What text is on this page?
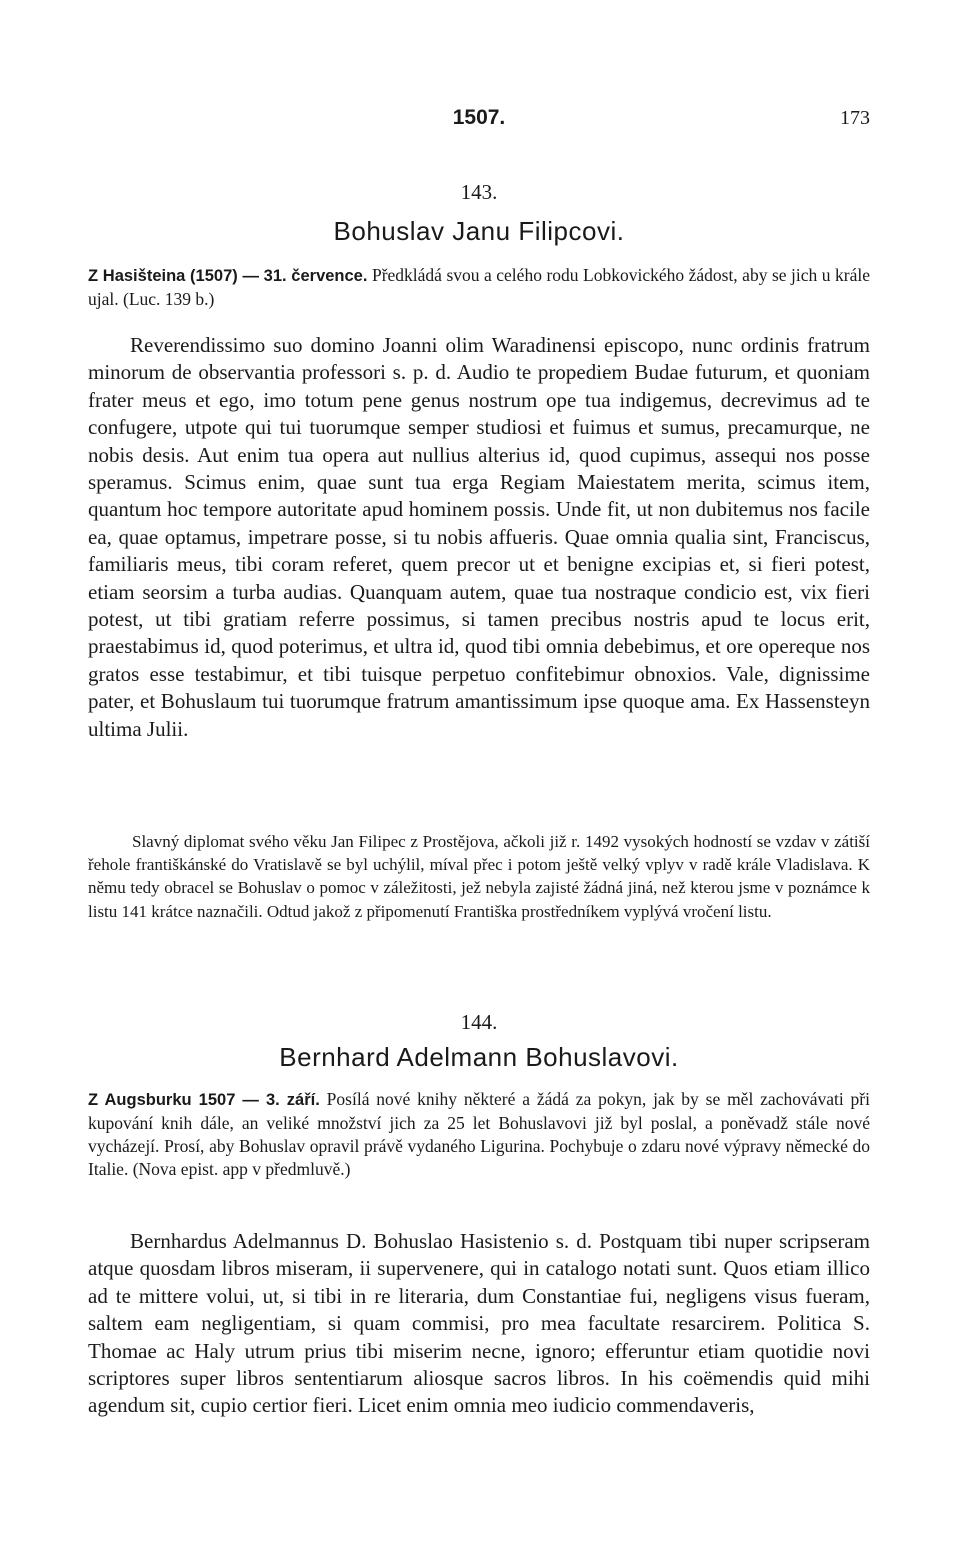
1507.	173
143.
Bohuslav Janu Filipcovi.
Z Hasišteina (1507) — 31. července. Předkládá svou a celého rodu Lobkovického žádost, aby se jich u krále ujal. (Luc. 139 b.)

Reverendissimo suo domino Joanni olim Waradinensi episcopo, nunc ordinis fratrum minorum de observantia professori s. p. d. Audio te propediem Budae futurum, et quoniam frater meus et ego, imo totum pene genus nostrum ope tua indigemus, decrevimus ad te confugere, utpote qui tui tuorumque semper studiosi et fuimus et sumus, precamurque, ne nobis desis. Aut enim tua opera aut nullius alterius id, quod cupimus, assequi nos posse speramus. Scimus enim, quae sunt tua erga Regiam Maiestatem merita, scimus item, quantum hoc tempore autoritate apud hominem possis. Unde fit, ut non dubitemus nos facile ea, quae optamus, impetrare posse, si tu nobis affueris. Quae omnia qualia sint, Franciscus, familiaris meus, tibi coram referet, quem precor ut et benigne excipias et, si fieri potest, etiam seorsim a turba audias. Quanquam autem, quae tua nostraque condicio est, vix fieri potest, ut tibi gratiam referre possimus, si tamen precibus nostris apud te locus erit, praestabimus id, quod poterimus, et ultra id, quod tibi omnia debebimus, et ore opereque nos gratos esse testabimur, et tibi tuisque perpetuo confitebimur obnoxios. Vale, dignissime pater, et Bohuslaum tui tuorumque fratrum amantissimum ipse quoque ama. Ex Hassensteyn ultima Julii.

Slavný diplomat svého věku Jan Filipec z Prostějova, ačkoli již r. 1492 vysokých hodností se vzdav v zátiší řehole františkánské do Vratislavě se byl uchýlil, míval přec i potom ještě velký vplyv v radě krále Vladislava. K němu tedy obracel se Bohuslav o pomoc v záležitosti, jež nebyla zajisté žádná jiná, než kterou jsme v poznámce k listu 141 krátce naznačili. Odtud jakož z připomenutí Františka prostředníkem vyplývá vročení listu.

144.
Bernhard Adelmann Bohuslavovi.
Z Augsburku 1507 — 3. září. Posílá nové knihy některé a žádá za pokyn, jak by se měl zachovávati při kupování knih dále, an veliké množství jich za 25 let Bohuslavovi již byl poslal, a poněvadž stále nové vycházejí. Prosí, aby Bohuslav opravil právě vydaného Ligurina. Pochybuje o zdaru nové výpravy německé do Italie. (Nova epist. app v předmluvě.)

Bernhardus Adelmannus D. Bohuslao Hasistenio s. d. Postquam tibi nuper scripseram atque quosdam libros miseram, ii supervenere, qui in catalogo notati sunt. Quos etiam illico ad te mittere volui, ut, si tibi in re literaria, dum Constantiae fui, negligens visus fueram, saltem eam negligentiam, si quam commisi, pro mea facultate resarcirem. Politica S. Thomae ac Haly utrum prius tibi miserim necne, ignoro; efferuntur etiam quotidie novi scriptores super libros sententiarum aliosque sacros libros. In his coëmendis quid mihi agendum sit, cupio certior fieri. Licet enim omnia meo iudicio commendaveris,
